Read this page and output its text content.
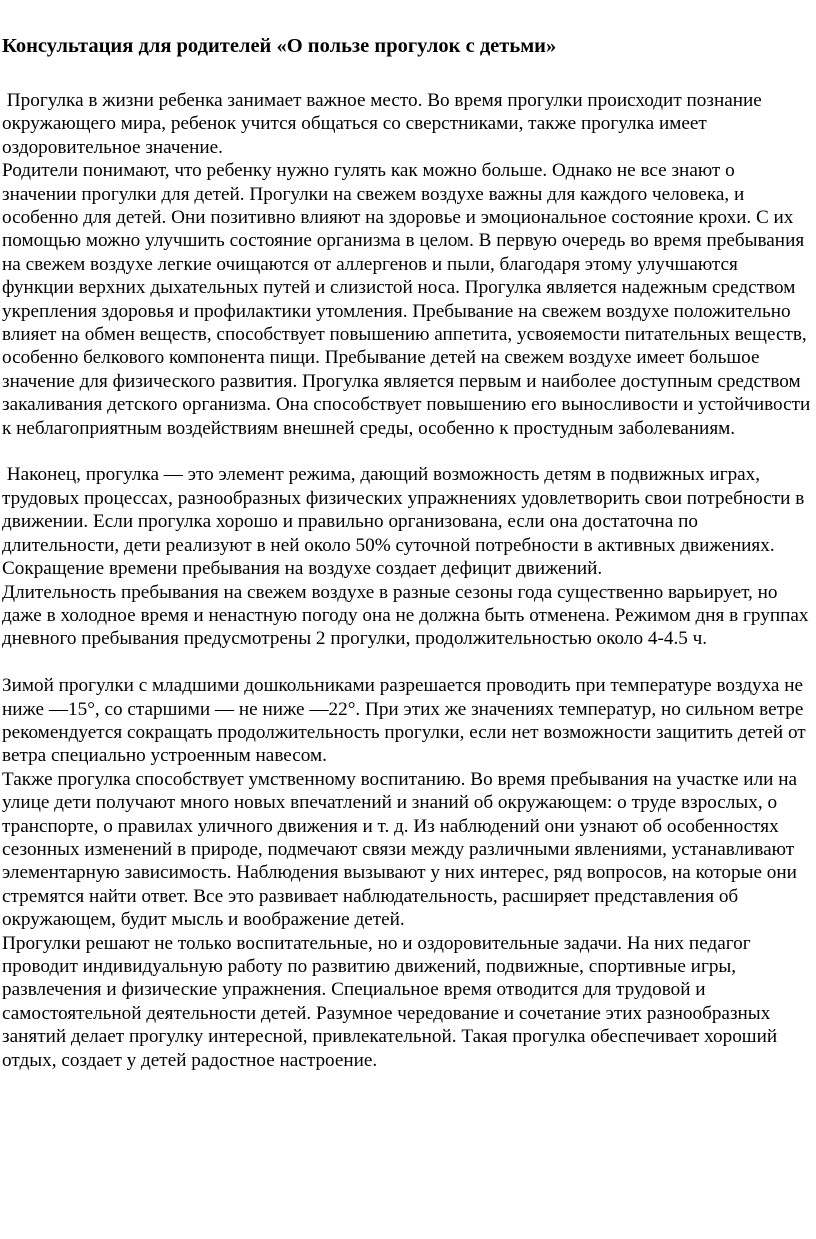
Консультация для родителей «О пользе прогулок с детьми»

Прогулка в жизни ребенка занимает важное место. Во время прогулки происходит познание окружающего мира, ребенок учится общаться со сверстниками, также прогулка имеет оздоровительное значение.

Родители понимают, что ребенку нужно гулять как можно больше. Однако не все знают о значении прогулки для детей. Прогулки на свежем воздухе важны для каждого человека, и особенно для детей. Они позитивно влияют на здоровье и эмоциональное состояние крохи. С их помощью можно улучшить состояние организма в целом. В первую очередь во время пребывания на свежем воздухе легкие очищаются от аллергенов и пыли, благодаря этому улучшаются функции верхних дыхательных путей и слизистой носа. Прогулка является надежным средством укрепления здоровья и профилактики утомления. Пребывание на свежем воздухе положительно влияет на обмен веществ, способствует повышению аппетита, усвояемости питательных веществ, особенно белкового компонента пищи. Пребывание детей на свежем воздухе имеет большое значение для физического развития. Прогулка является первым и наиболее доступным средством закаливания детского организма. Она способствует повышению его выносливости и устойчивости к неблагоприятным воздействиям внешней среды, особенно к простудным заболеваниям.

Наконец, прогулка — это элемент режима, дающий возможность детям в подвижных играх, трудовых процессах, разнообразных физических упражнениях удовлетворить свои потребности в движении. Если прогулка хорошо и правильно организована, если она достаточна по длительности, дети реализуют в ней около 50% суточной потребности в активных движениях. Сокращение времени пребывания на воздухе создает дефицит движений.

Длительность пребывания на свежем воздухе в разные сезоны года существенно варьирует, но даже в холодное время и ненастную погоду она не должна быть отменена. Режимом дня в группах дневного пребывания предусмотрены 2 прогулки, продолжительностью около 4-4.5 ч.

Зимой прогулки с младшими дошкольниками разрешается проводить при температуре воздуха не ниже —15°, со старшими — не ниже —22°. При этих же значениях температур, но сильном ветре рекомендуется сокращать продолжительность прогулки, если нет возможности защитить детей от ветра специально устроенным навесом.

Также прогулка способствует умственному воспитанию. Во время пребывания на участке или на улице дети получают много новых впечатлений и знаний об окружающем: о труде взрослых, о транспорте, о правилах уличного движения и т. д. Из наблюдений они узнают об особенностях сезонных изменений в природе, подмечают связи между различными явлениями, устанавливают элементарную зависимость. Наблюдения вызывают у них интерес, ряд вопросов, на которые они стремятся найти ответ. Все это развивает наблюдательность, расширяет представления об окружающем, будит мысль и воображение детей.

Прогулки решают не только воспитательные, но и оздоровительные задачи. На них педагог проводит индивидуальную работу по развитию движений, подвижные, спортивные игры, развлечения и физические упражнения. Специальное время отводится для трудовой и самостоятельной деятельности детей. Разумное чередование и сочетание этих разнообразных занятий делает прогулку интересной, привлекательной. Такая прогулка обеспечивает хороший отдых, создает у детей радостное настроение.
